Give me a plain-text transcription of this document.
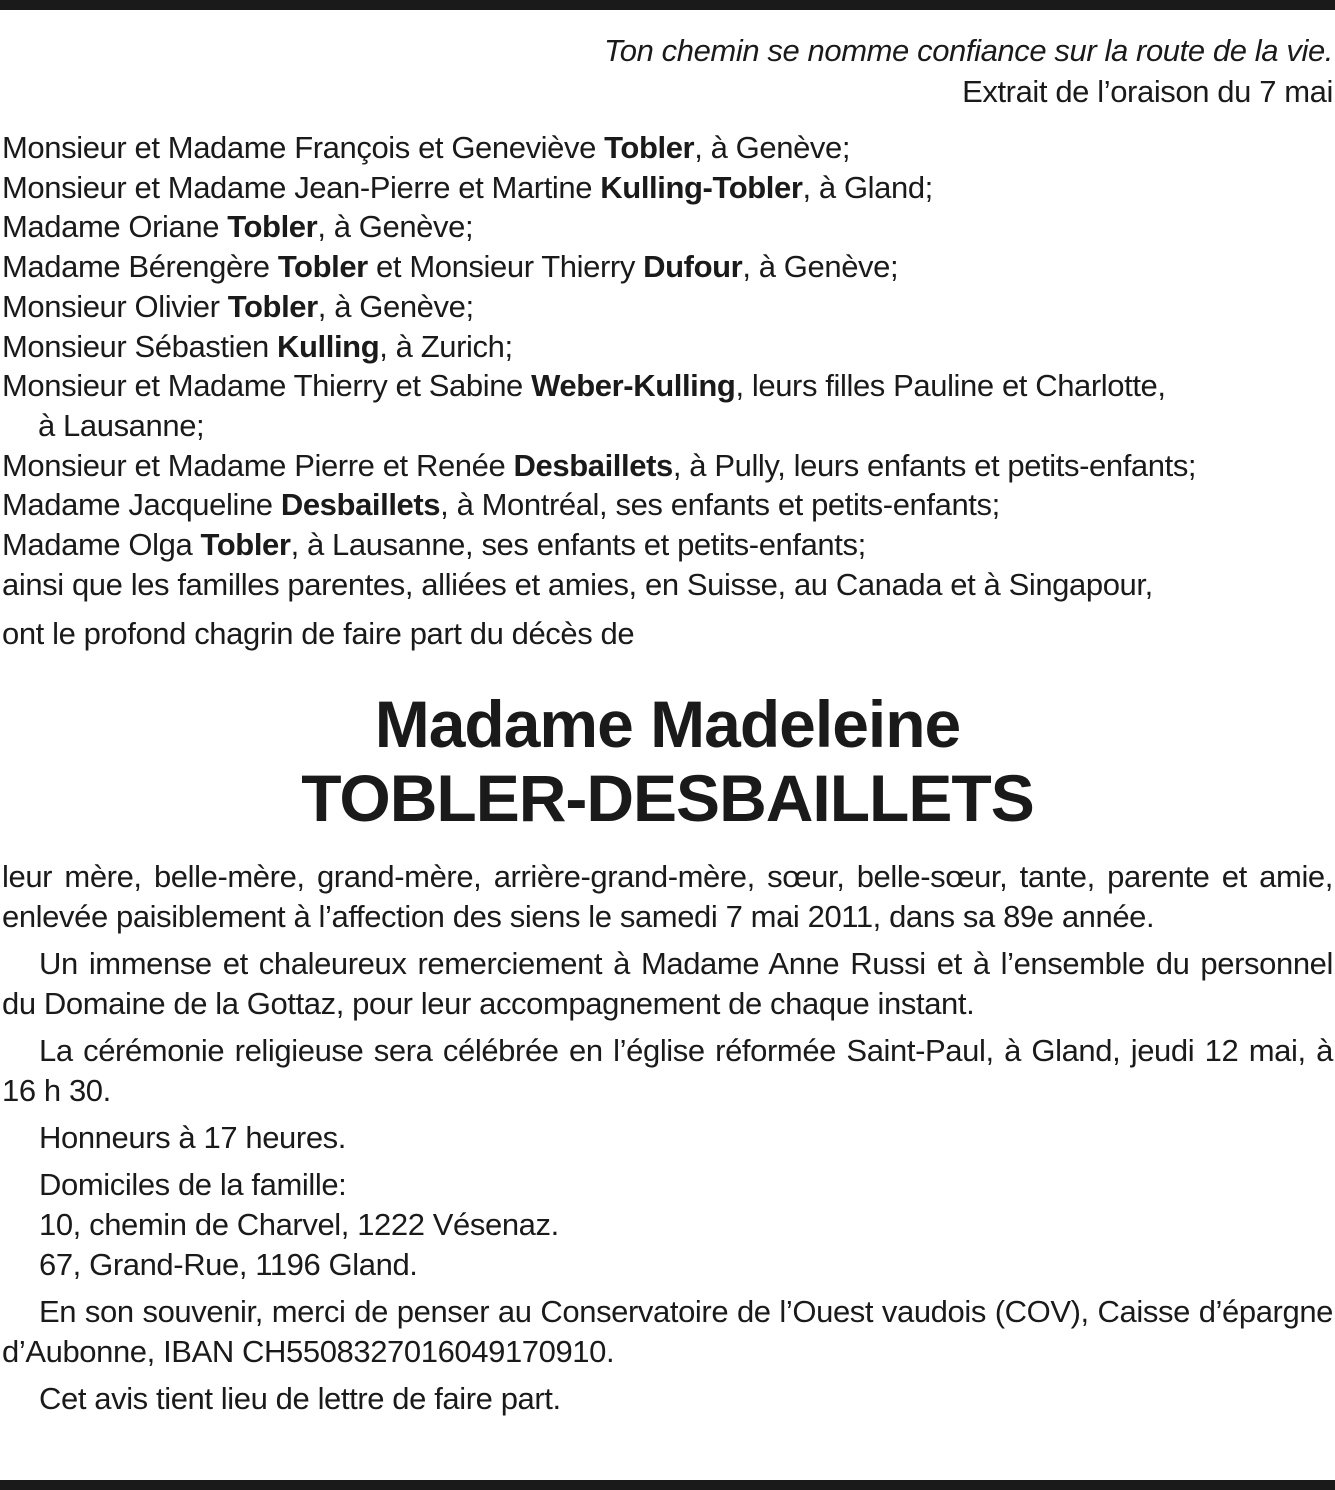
Ton chemin se nomme confiance sur la route de la vie.
Extrait de l’oraison du 7 mai
Monsieur et Madame François et Geneviève Tobler, à Genève;
Monsieur et Madame Jean-Pierre et Martine Kulling-Tobler, à Gland;
Madame Oriane Tobler, à Genève;
Madame Bérengère Tobler et Monsieur Thierry Dufour, à Genève;
Monsieur Olivier Tobler, à Genève;
Monsieur Sébastien Kulling, à Zurich;
Monsieur et Madame Thierry et Sabine Weber-Kulling, leurs filles Pauline et Charlotte,
à Lausanne;
Monsieur et Madame Pierre et Renée Desbaillets, à Pully, leurs enfants et petits-enfants;
Madame Jacqueline Desbaillets, à Montréal, ses enfants et petits-enfants;
Madame Olga Tobler, à Lausanne, ses enfants et petits-enfants;
ainsi que les familles parentes, alliées et amies, en Suisse, au Canada et à Singapour,
ont le profond chagrin de faire part du décès de
Madame Madeleine
TOBLER-DESBAILLETS

leur mère, belle-mère, grand-mère, arrière-grand-mère, sœur, belle-sœur, tante, parente et amie, enlevée paisiblement à l’affection des siens le samedi 7 mai 2011, dans sa 89e année.

Un immense et chaleureux remerciement à Madame Anne Russi et à l’ensemble du personnel du Domaine de la Gottaz, pour leur accompagnement de chaque instant.

La cérémonie religieuse sera célébrée en l’église réformée Saint-Paul, à Gland, jeudi 12 mai, à 16 h 30.

Honneurs à 17 heures.

Domiciles de la famille:
10, chemin de Charvel, 1222 Vésenaz.
67, Grand-Rue, 1196 Gland.

En son souvenir, merci de penser au Conservatoire de l’Ouest vaudois (COV), Caisse d’épargne d’Aubonne, IBAN CH5508327016049170910.

Cet avis tient lieu de lettre de faire part.
